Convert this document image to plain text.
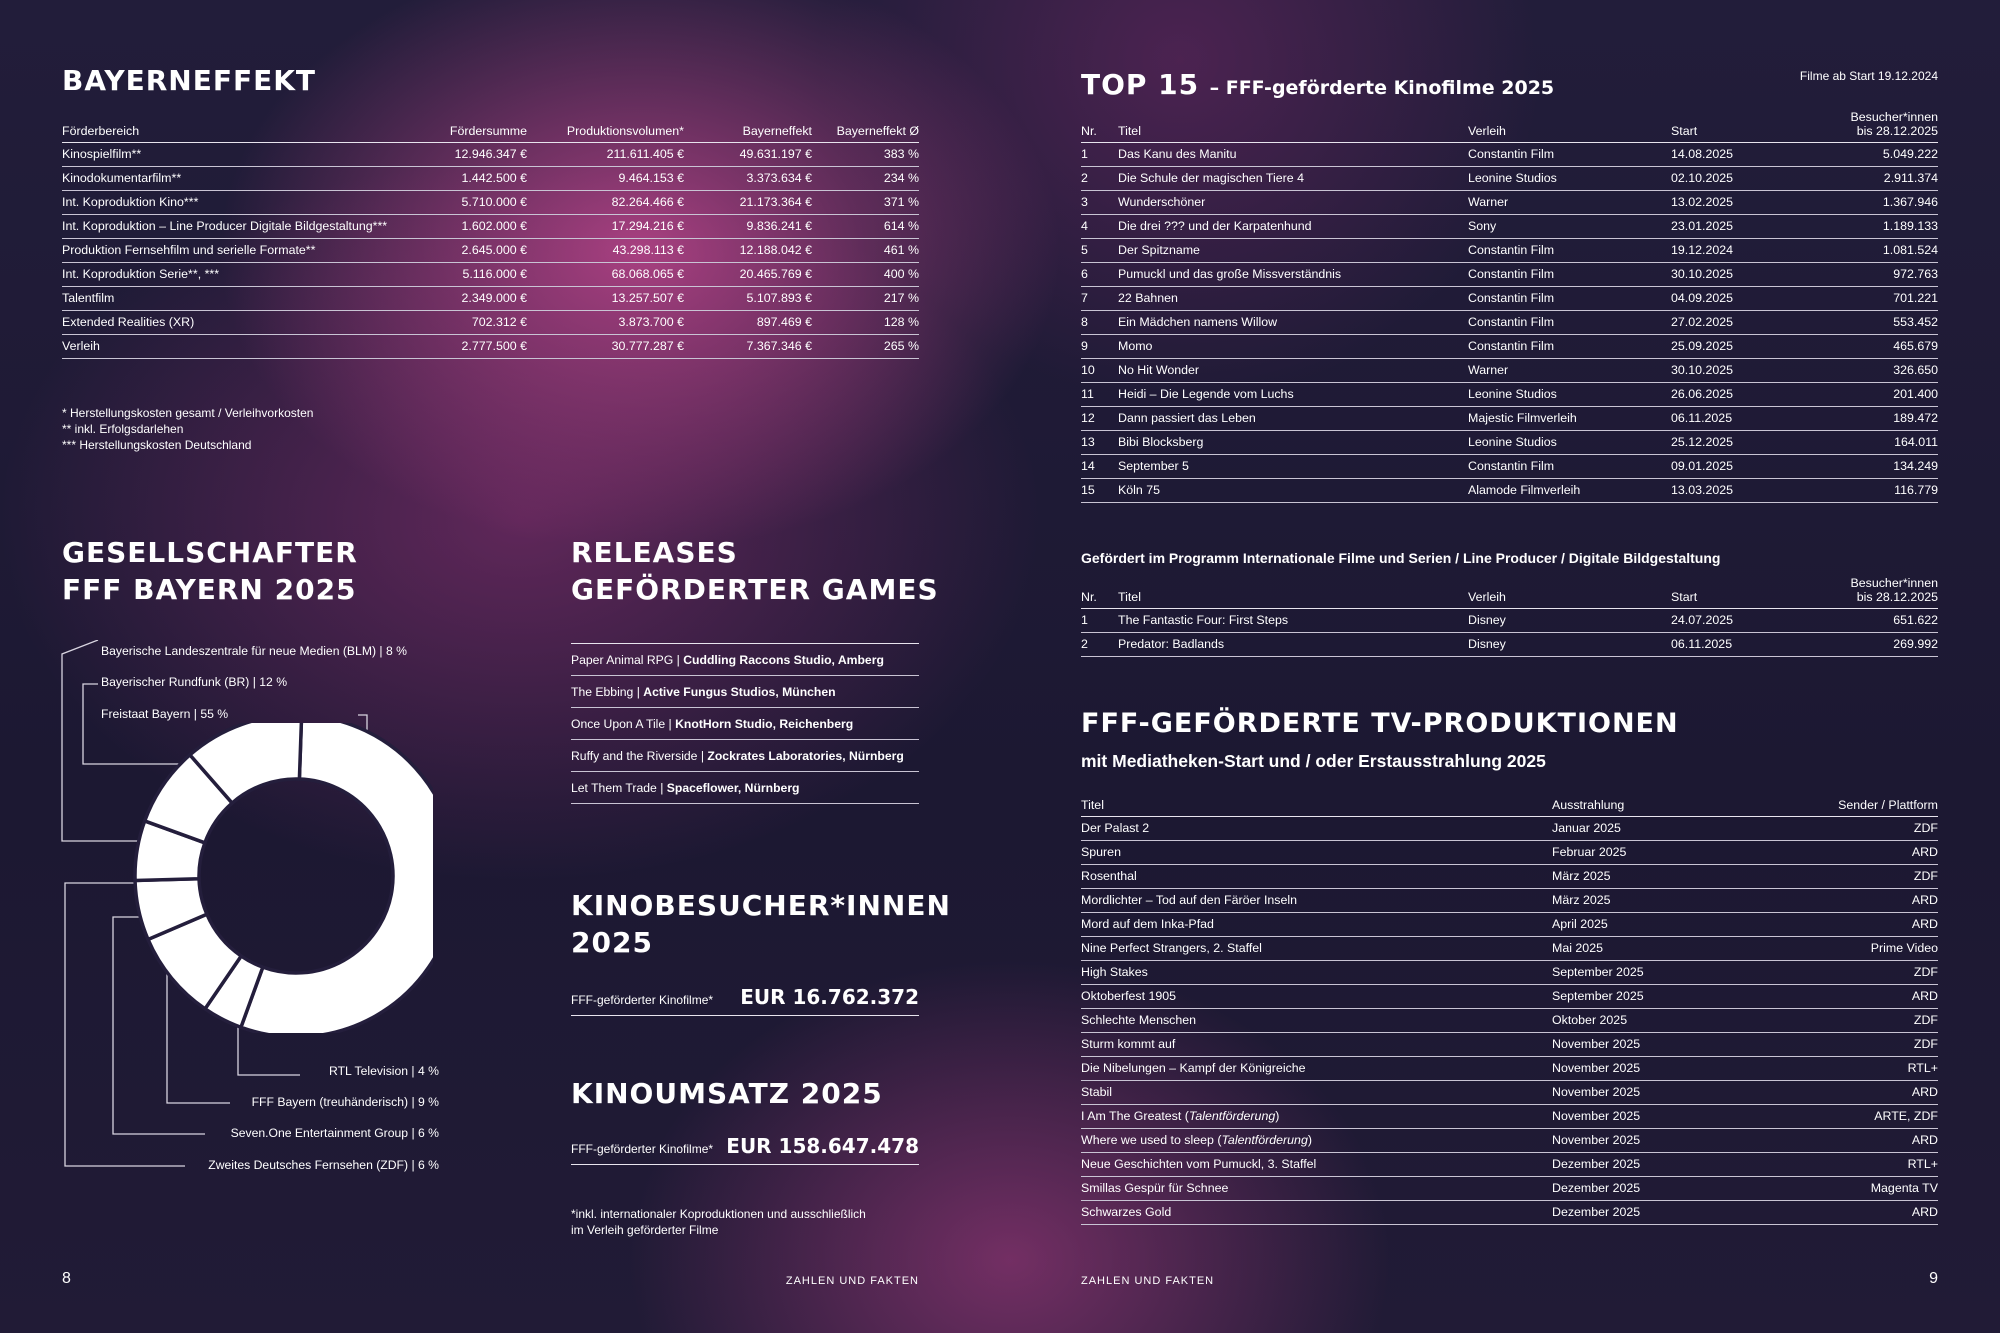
BAYERNEFFEKT
Förderbereich	Fördersumme	Produktionsvolumen*	Bayerneffekt	Bayerneffekt Ø
Kinospielfilm**	12.946.347 €	211.611.405 €	49.631.197 €	383 %
Kinodokumentarfilm**	1.442.500 €	9.464.153 €	3.373.634 €	234 %
Int. Koproduktion Kino***	5.710.000 €	82.264.466 €	21.173.364 €	371 %
Int. Koproduktion – Line Producer Digitale Bildgestaltung***	1.602.000 €	17.294.216 €	9.836.241 €	614 %
Produktion Fernsehfilm und serielle Formate**	2.645.000 €	43.298.113 €	12.188.042 €	461 %
Int. Koproduktion Serie**, ***	5.116.000 €	68.068.065 €	20.465.769 €	400 %
Talentfilm	2.349.000 €	13.257.507 €	5.107.893 €	217 %
Extended Realities (XR)	702.312 €	3.873.700 €	897.469 €	128 %
Verleih	2.777.500 €	30.777.287 €	7.367.346 €	265 %
* Herstellungskosten gesamt / Verleihvorkosten
** inkl. Erfolgsdarlehen
*** Herstellungskosten Deutschland
GESELLSCHAFTER
FFF BAYERN 2025
Bayerische Landeszentrale für neue Medien (BLM) | 8 %
Bayerischer Rundfunk (BR) | 12 %
Freistaat Bayern | 55 %
RTL Television | 4 %
FFF Bayern (treuhänderisch) | 9 %
Seven.One Entertainment Group | 6 %
Zweites Deutsches Fernsehen (ZDF) | 6 %
RELEASES
GEFÖRDERTER GAMES
Paper Animal RPG | Cuddling Raccons Studio, Amberg
The Ebbing | Active Fungus Studios, München
Once Upon A Tile | KnotHorn Studio, Reichenberg
Ruffy and the Riverside | Zockrates Laboratories, Nürnberg
Let Them Trade | Spaceflower, Nürnberg
KINOBESUCHER*INNEN
2025
FFF-geförderter Kinofilme* EUR 16.762.372
KINOUMSATZ 2025
FFF-geförderter Kinofilme* EUR 158.647.478
*inkl. internationaler Koproduktionen und ausschließlich
im Verleih geförderter Filme
8	ZAHLEN UND FAKTEN
TOP 15 – FFF-geförderte Kinofilme 2025
Filme ab Start 19.12.2024
Nr.	Titel	Verleih	Start	Besucher*innen
bis 28.12.2025
1	Das Kanu des Manitu	Constantin Film	14.08.2025	5.049.222
2	Die Schule der magischen Tiere 4	Leonine Studios	02.10.2025	2.911.374
3	Wunderschöner	Warner	13.02.2025	1.367.946
4	Die drei ??? und der Karpatenhund	Sony	23.01.2025	1.189.133
5	Der Spitzname	Constantin Film	19.12.2024	1.081.524
6	Pumuckl und das große Missverständnis	Constantin Film	30.10.2025	972.763
7	22 Bahnen	Constantin Film	04.09.2025	701.221
8	Ein Mädchen namens Willow	Constantin Film	27.02.2025	553.452
9	Momo	Constantin Film	25.09.2025	465.679
10	No Hit Wonder	Warner	30.10.2025	326.650
11	Heidi – Die Legende vom Luchs	Leonine Studios	26.06.2025	201.400
12	Dann passiert das Leben	Majestic Filmverleih	06.11.2025	189.472
13	Bibi Blocksberg	Leonine Studios	25.12.2025	164.011
14	September 5	Constantin Film	09.01.2025	134.249
15	Köln 75	Alamode Filmverleih	13.03.2025	116.779
Gefördert im Programm Internationale Filme und Serien / Line Producer / Digitale Bildgestaltung
Nr.	Titel	Verleih	Start	Besucher*innen
bis 28.12.2025
1	The Fantastic Four: First Steps	Disney	24.07.2025	651.622
2	Predator: Badlands	Disney	06.11.2025	269.992
FFF-GEFÖRDERTE TV-PRODUKTIONEN
mit Mediatheken-Start und / oder Erstausstrahlung 2025
Titel	Ausstrahlung	Sender / Plattform
Der Palast 2	Januar 2025	ZDF
Spuren	Februar 2025	ARD
Rosenthal	März 2025	ZDF
Mordlichter – Tod auf den Färöer Inseln	März 2025	ARD
Mord auf dem Inka-Pfad	April 2025	ARD
Nine Perfect Strangers, 2. Staffel	Mai 2025	Prime Video
High Stakes	September 2025	ZDF
Oktoberfest 1905	September 2025	ARD
Schlechte Menschen	Oktober 2025	ZDF
Sturm kommt auf	November 2025	ZDF
Die Nibelungen – Kampf der Königreiche	November 2025	RTL+
Stabil	November 2025	ARD
I Am The Greatest (Talentförderung)	November 2025	ARTE, ZDF
Where we used to sleep (Talentförderung)	November 2025	ARD
Neue Geschichten vom Pumuckl, 3. Staffel	Dezember 2025	RTL+
Smillas Gespür für Schnee	Dezember 2025	Magenta TV
Schwarzes Gold	Dezember 2025	ARD
ZAHLEN UND FAKTEN	9
